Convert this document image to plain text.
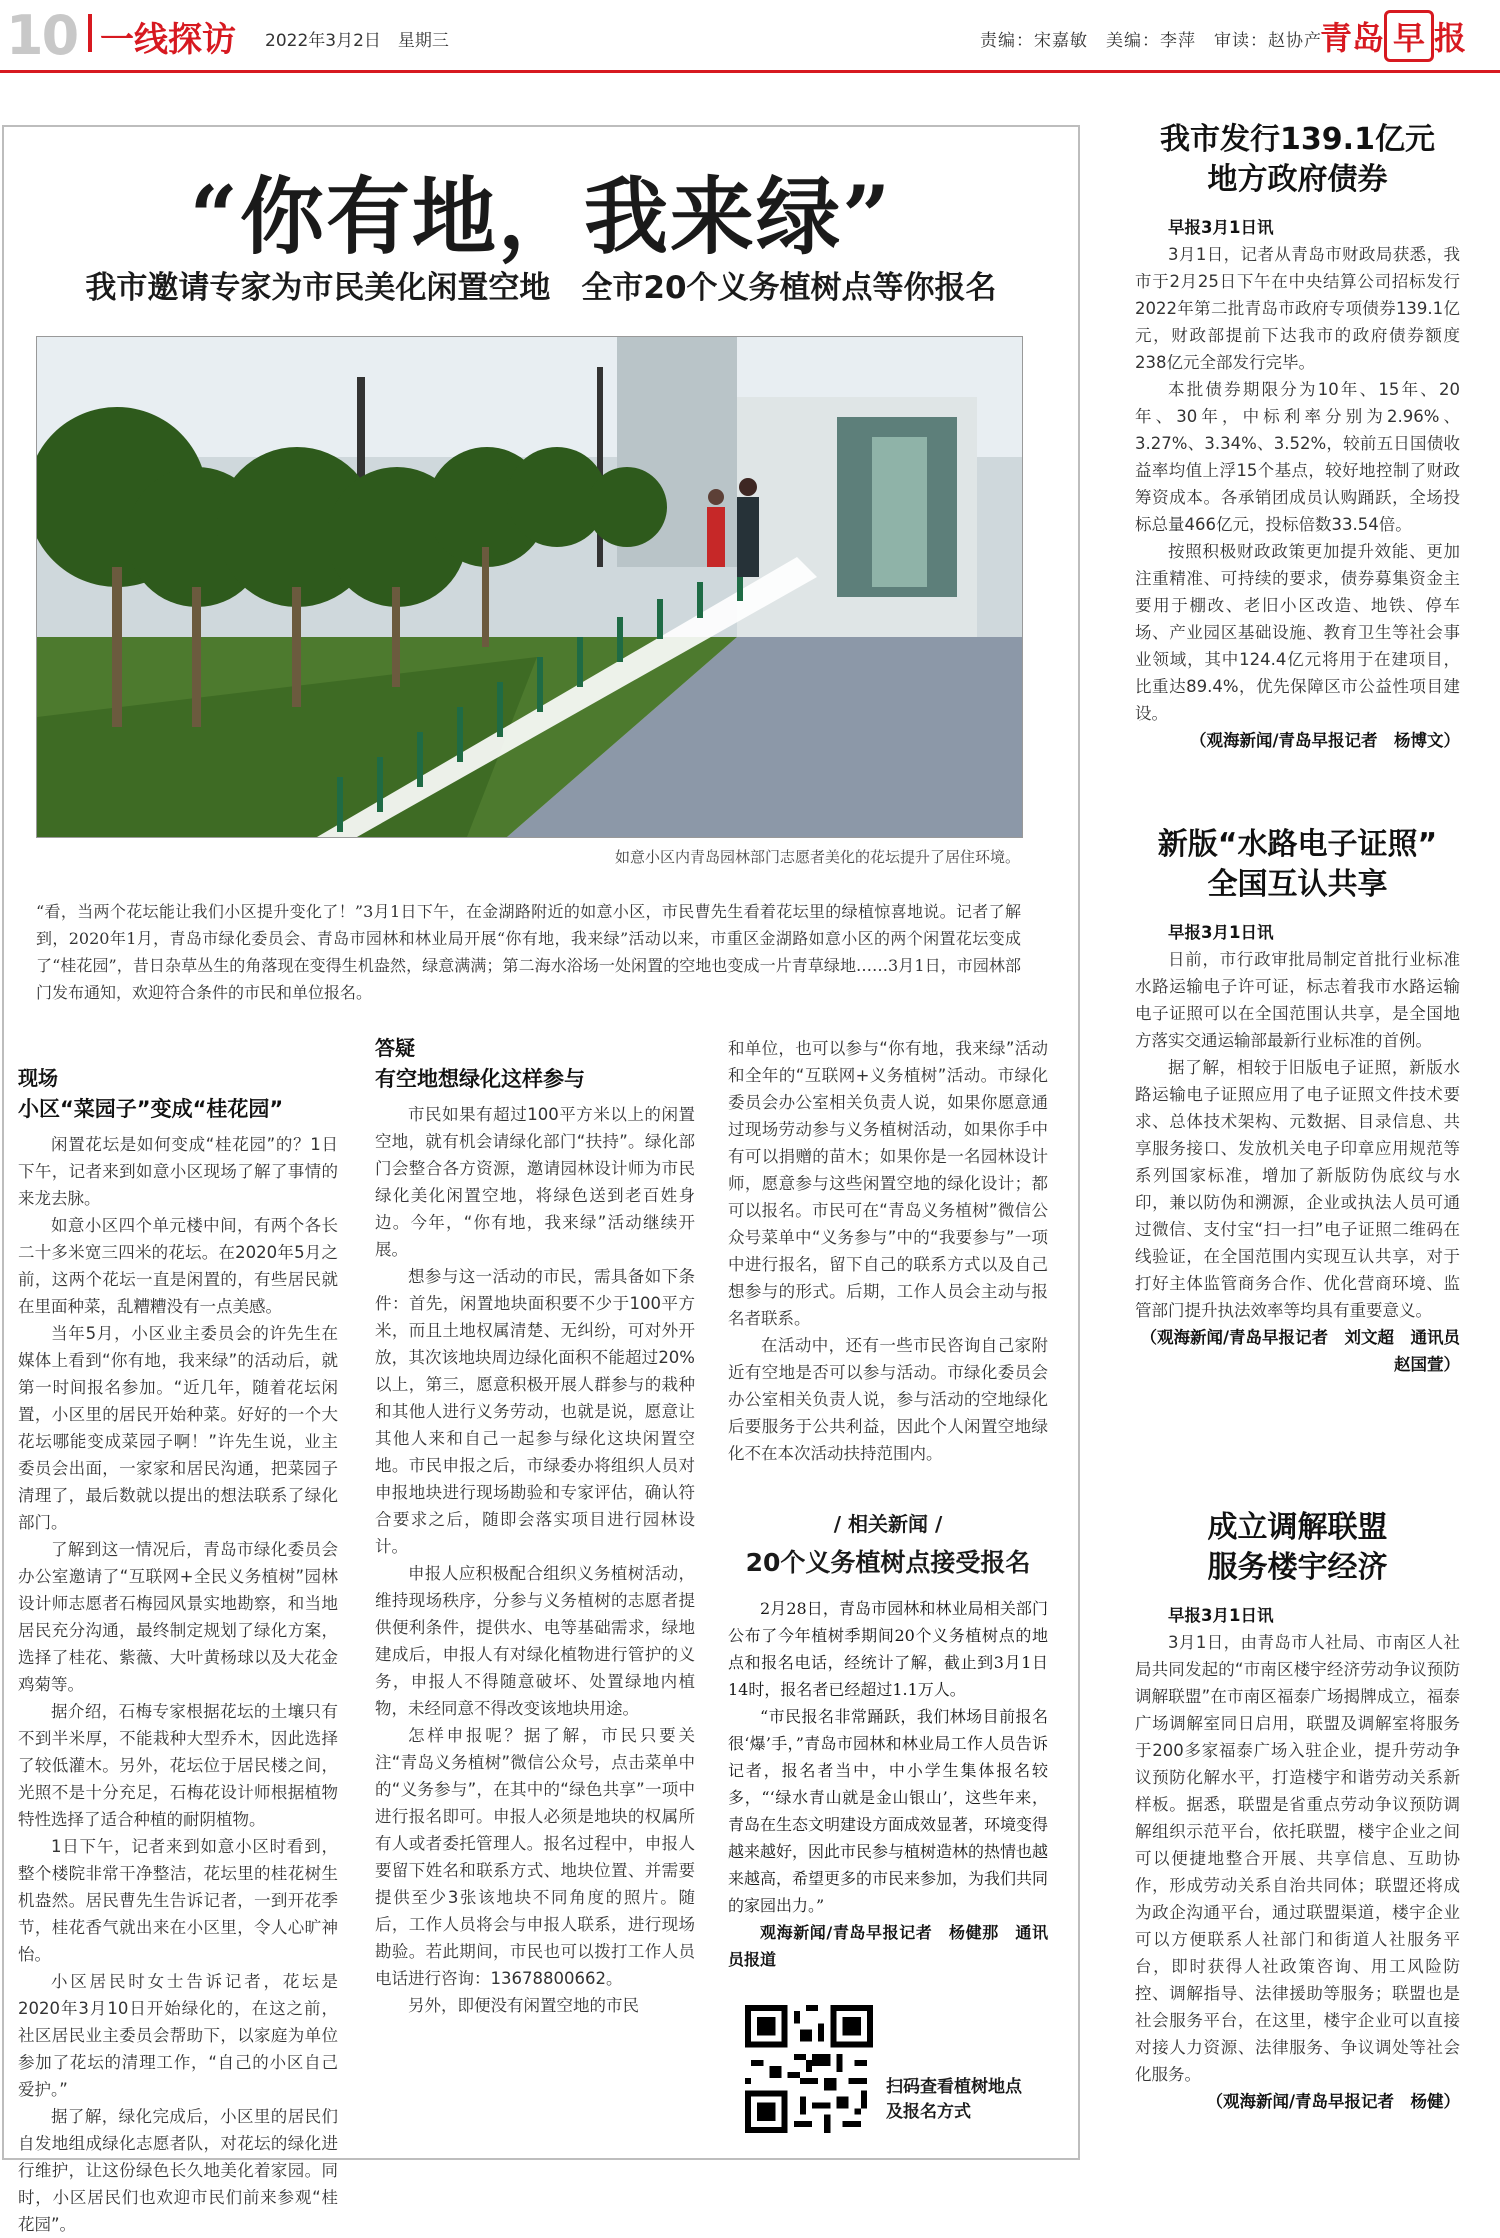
10 一线探访 2022年3月2日　星期三	责编：宋嘉敏　美编：李萍　审读：赵协产
青岛 早 报
“你有地，我来绿”
我市邀请专家为市民美化闲置空地　全市20个义务植树点等你报名
如意小区内青岛园林部门志愿者美化的花坛提升了居住环境。
“看，当两个花坛能让我们小区提升变化了！”3月1日下午，在金湖路附近的如意小区，市民曹先生看着花坛里的绿植惊喜地说。记者了解到，2020年1月，青岛市绿化委员会、青岛市园林和林业局开展“你有地，我来绿”活动以来，市重区金湖路如意小区的两个闲置花坛变成了“桂花园”，昔日杂草丛生的角落现在变得生机盎然，绿意满满；第二海水浴场一处闲置的空地也变成一片青草绿地……3月1日，市园林部门发布通知，欢迎符合条件的市民和单位报名。
现场
小区“菜园子”变成“桂花园”

闲置花坛是如何变成“桂花园”的？1日下午，记者来到如意小区现场了解了事情的来龙去脉。

如意小区四个单元楼中间，有两个各长二十多米宽三四米的花坛。在2020年5月之前，这两个花坛一直是闲置的，有些居民就在里面种菜，乱糟糟没有一点美感。

当年5月，小区业主委员会的许先生在媒体上看到“你有地，我来绿”的活动后，就第一时间报名参加。“近几年，随着花坛闲置，小区里的居民开始种菜。好好的一个大花坛哪能变成菜园子啊！”许先生说，业主委员会出面，一家家和居民沟通，把菜园子清理了，最后数就以提出的想法联系了绿化部门。

了解到这一情况后，青岛市绿化委员会办公室邀请了“互联网+全民义务植树”园林设计师志愿者石梅园风景实地勘察，和当地居民充分沟通，最终制定规划了绿化方案，选择了桂花、紫薇、大叶黄杨球以及大花金鸡菊等。

据介绍，石梅专家根据花坛的土壤只有不到半米厚，不能栽种大型乔木，因此选择了较低灌木。另外，花坛位于居民楼之间，光照不是十分充足，石梅花设计师根据植物特性选择了适合种植的耐阴植物。

1日下午，记者来到如意小区时看到，整个楼院非常干净整洁，花坛里的桂花树生机盎然。居民曹先生告诉记者，一到开花季节，桂花香气就出来在小区里，令人心旷神怡。

小区居民时女士告诉记者，花坛是2020年3月10日开始绿化的，在这之前，社区居民业主委员会帮助下，以家庭为单位参加了花坛的清理工作，“自己的小区自己爱护。”

据了解，绿化完成后，小区里的居民们自发地组成绿化志愿者队，对花坛的绿化进行维护，让这份绿色长久地美化着家园。同时，小区居民们也欢迎市民们前来参观“桂花园”。

答疑
有空地想绿化这样参与

市民如果有超过100平方米以上的闲置空地，就有机会请绿化部门“扶持”。绿化部门会整合各方资源，邀请园林设计师为市民绿化美化闲置空地，将绿色送到老百姓身边。今年，“你有地，我来绿”活动继续开展。

想参与这一活动的市民，需具备如下条件：首先，闲置地块面积要不少于100平方米，而且土地权属清楚、无纠纷，可对外开放，其次该地块周边绿化面积不能超过20%以上，第三，愿意积极开展人群参与的栽种和其他人进行义务劳动，也就是说，愿意让其他人来和自己一起参与绿化这块闲置空地。市民申报之后，市绿委办将组织人员对申报地块进行现场勘验和专家评估，确认符合要求之后，随即会落实项目进行园林设计。

申报人应积极配合组织义务植树活动，维持现场秩序，分参与义务植树的志愿者提供便利条件，提供水、电等基础需求，绿地建成后，申报人有对绿化植物进行管护的义务，申报人不得随意破坏、处置绿地内植物，未经同意不得改变该地块用途。

怎样申报呢？据了解，市民只要关注“青岛义务植树”微信公众号，点击菜单中的“义务参与”，在其中的“绿色共享”一项中进行报名即可。申报人必须是地块的权属所有人或者委托管理人。报名过程中，申报人要留下姓名和联系方式、地块位置、并需要提供至少3张该地块不同角度的照片。随后，工作人员将会与申报人联系，进行现场勘验。若此期间，市民也可以拨打工作人员电话进行咨询：13678800662。

另外，即便没有闲置空地的市民

和单位，也可以参与“你有地，我来绿”活动和全年的“互联网+义务植树”活动。市绿化委员会办公室相关负责人说，如果你愿意通过现场劳动参与义务植树活动，如果你手中有可以捐赠的苗木；如果你是一名园林设计师，愿意参与这些闲置空地的绿化设计；都可以报名。市民可在“青岛义务植树”微信公众号菜单中“义务参与”中的“我要参与”一项中进行报名，留下自己的联系方式以及自己想参与的形式。后期，工作人员会主动与报名者联系。

在活动中，还有一些市民咨询自己家附近有空地是否可以参与活动。市绿化委员会办公室相关负责人说，参与活动的空地绿化后要服务于公共利益，因此个人闲置空地绿化不在本次活动扶持范围内。

/ 相关新闻 /
20个义务植树点接受报名

2月28日，青岛市园林和林业局相关部门公布了今年植树季期间20个义务植树点的地点和报名电话，经统计了解，截止到3月1日14时，报名者已经超过1.1万人。

“市民报名非常踊跃，我们林场目前报名很‘爆’手，”青岛市园林和林业局工作人员告诉记者，报名者当中，中小学生集体报名较多，“‘绿水青山就是金山银山’，这些年来，青岛在生态文明建设方面成效显著，环境变得越来越好，因此市民参与植树造林的热情也越来越高，希望更多的市民来参加，为我们共同的家园出力。”

观海新闻/青岛早报记者　杨健那　通讯员报道

扫码查看植树地点
及报名方式
我市发行139.1亿元
地方政府债券
早报3月1日讯

3月1日，记者从青岛市财政局获悉，我市于2月25日下午在中央结算公司招标发行2022年第二批青岛市政府专项债券139.1亿元，财政部提前下达我市的政府债券额度238亿元全部发行完毕。

本批债券期限分为10年、15年、20年、30年，中标利率分别为2.96%、3.27%、3.34%、3.52%，较前五日国债收益率均值上浮15个基点，较好地控制了财政筹资成本。各承销团成员认购踊跃，全场投标总量466亿元，投标倍数33.54倍。

按照积极财政政策更加提升效能、更加注重精准、可持续的要求，债券募集资金主要用于棚改、老旧小区改造、地铁、停车场、产业园区基础设施、教育卫生等社会事业领域，其中124.4亿元将用于在建项目，比重达89.4%，优先保障区市公益性项目建设。

（观海新闻/青岛早报记者　杨博文）
新版“水路电子证照”
全国互认共享
早报3月1日讯

日前，市行政审批局制定首批行业标准水路运输电子许可证，标志着我市水路运输电子证照可以在全国范围认共享，是全国地方落实交通运输部最新行业标准的首例。

据了解，相较于旧版电子证照，新版水路运输电子证照应用了电子证照文件技术要求、总体技术架构、元数据、目录信息、共享服务接口、发放机关电子印章应用规范等系列国家标准，增加了新版防伪底纹与水印，兼以防伪和溯源，企业或执法人员可通过微信、支付宝“扫一扫”电子证照二维码在线验证，在全国范围内实现互认共享，对于打好主体监管商务合作、优化营商环境、监管部门提升执法效率等均具有重要意义。

（观海新闻/青岛早报记者　刘文超　通讯员　赵国萱）
成立调解联盟
服务楼宇经济
早报3月1日讯

3月1日，由青岛市人社局、市南区人社局共同发起的“市南区楼宇经济劳动争议预防调解联盟”在市南区福泰广场揭牌成立，福泰广场调解室同日启用，联盟及调解室将服务于200多家福泰广场入驻企业，提升劳动争议预防化解水平，打造楼宇和谐劳动关系新样板。据悉，联盟是省重点劳动争议预防调解组织示范平台，依托联盟，楼宇企业之间可以便捷地整合开展、共享信息、互助协作，形成劳动关系自治共同体；联盟还将成为政企沟通平台，通过联盟渠道，楼宇企业可以方便联系人社部门和街道人社服务平台，即时获得人社政策咨询、用工风险防控、调解指导、法律援助等服务；联盟也是社会服务平台，在这里，楼宇企业可以直接对接人力资源、法律服务、争议调处等社会化服务。

（观海新闻/青岛早报记者　杨健）
